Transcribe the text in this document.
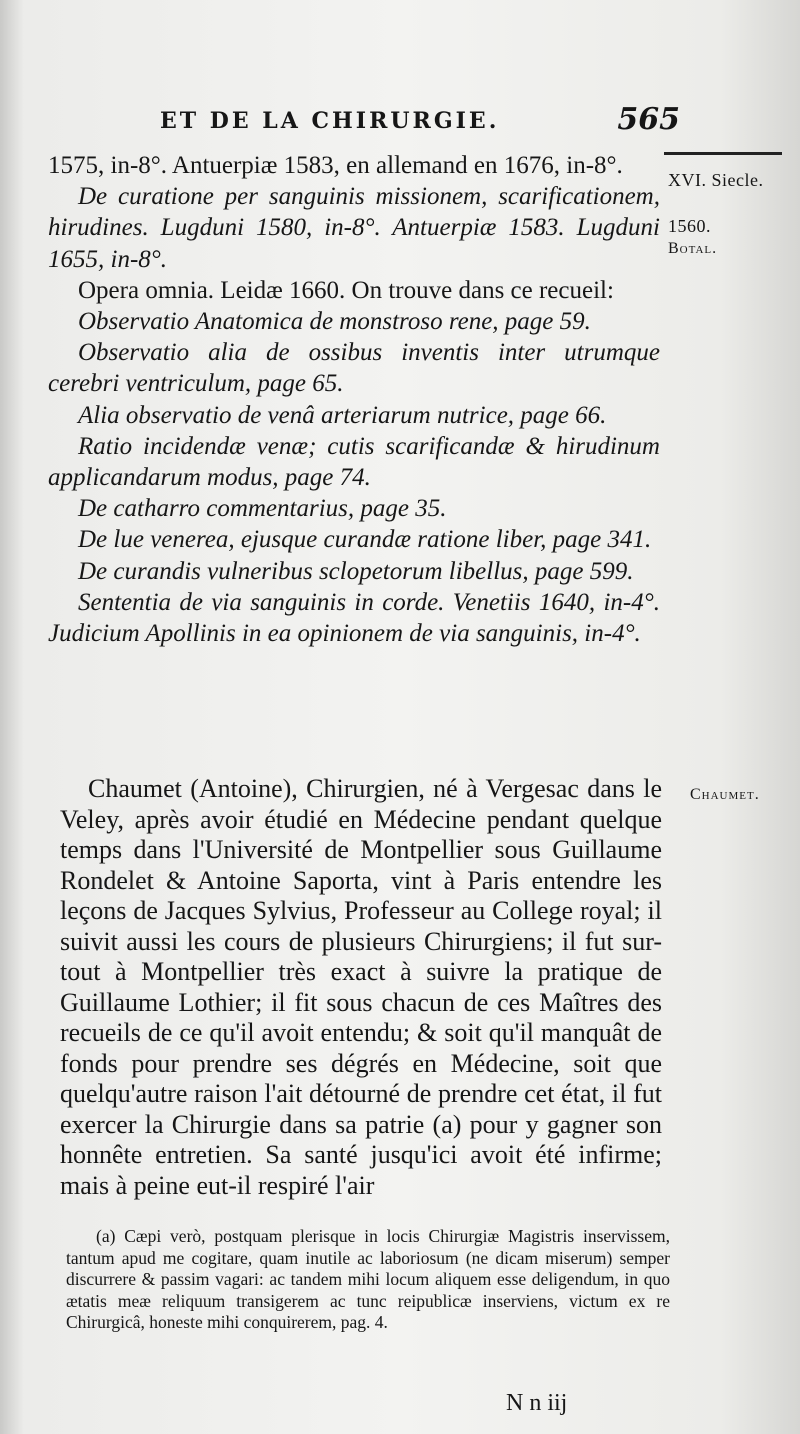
ET DE LA CHIRURGIE.	565
XVI. Siecle.
1560.
Botal.
Chaumet.

1575, in-8°. Antuerpiæ 1583, en allemand en 1676, in-8°.

De curatione per sanguinis missionem, scarificationem, hirudines. Lugduni 1580, in-8°. Antuerpiæ 1583. Lugduni 1655, in-8°.

Opera omnia. Leidæ 1660. On trouve dans ce recueil:

Observatio Anatomica de monstroso rene, page 59.

Observatio alia de ossibus inventis inter utrumque cerebri ventriculum, page 65.

Alia observatio de venâ arteriarum nutrice, page 66.

Ratio incidendæ venæ; cutis scarificandæ & hirudinum applicandarum modus, page 74.

De catharro commentarius, page 35.

De lue venerea, ejusque curandæ ratione liber, page 341.

De curandis vulneribus sclopetorum libellus, page 599.

Sententia de via sanguinis in corde. Venetiis 1640, in-4°. Judicium Apollinis in ea opinionem de via sanguinis, in-4°.

Chaumet (Antoine), Chirurgien, né à Vergesac dans le Veley, après avoir étudié en Médecine pendant quelque temps dans l'Université de Montpellier sous Guillaume Rondelet & Antoine Saporta, vint à Paris entendre les leçons de Jacques Sylvius, Professeur au College royal; il suivit aussi les cours de plusieurs Chirurgiens; il fut sur-tout à Montpellier très exact à suivre la pratique de Guillaume Lothier; il fit sous chacun de ces Maîtres des recueils de ce qu'il avoit entendu; & soit qu'il manquât de fonds pour prendre ses dégrés en Médecine, soit que quelqu'autre raison l'ait détourné de prendre cet état, il fut exercer la Chirurgie dans sa patrie (a) pour y gagner son honnête entretien. Sa santé jusqu'ici avoit été infirme; mais à peine eut-il respiré l'air

(a) Cæpi verò, postquam plerisque in locis Chirurgiæ Magistris inservissem, tantum apud me cogitare, quam inutile ac laboriosum (ne dicam miserum) semper discurrere & passim vagari: ac tandem mihi locum aliquem esse deligendum, in quo ætatis meæ reliquum transigerem ac tunc reipublicæ inserviens, victum ex re Chirurgicâ, honeste mihi conquirerem, pag. 4.

N n iij
